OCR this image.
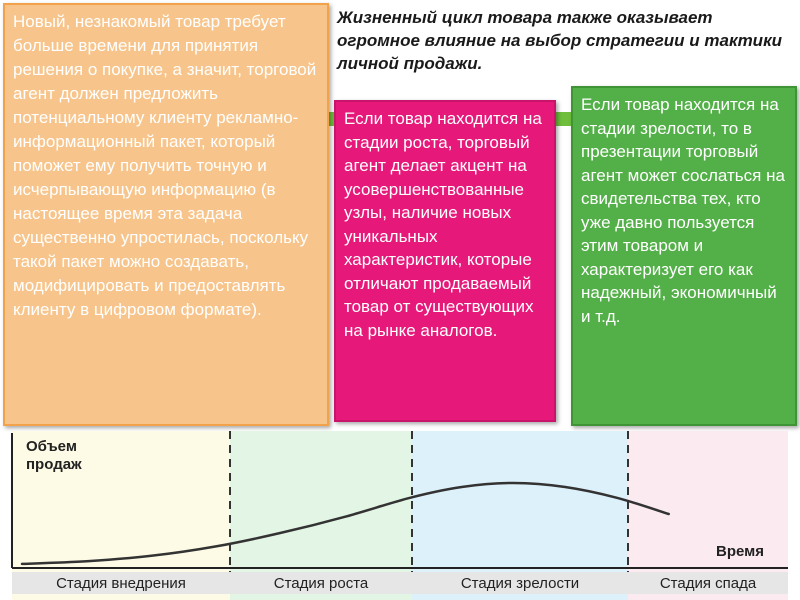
Жизненный цикл товара также оказывает огромное влияние на выбор стратегии и тактики личной продажи.
Новый, незнакомый товар требует больше времени для принятия решения о покупке, а значит, торговой агент должен предложить потенциальному клиенту рекламно-информационный пакет, который поможет ему получить точную и исчерпывающую информацию (в настоящее время эта задача существенно упростилась, поскольку такой пакет можно создавать, модифицировать и предоставлять клиенту в цифровом формате).
Если товар находится на стадии роста, торговый агент делает акцент на усовершенствованные узлы, наличие новых уникальных характеристик, которые отличают продаваемый товар от существующих на рынке аналогов.
Если товар находится на стадии зрелости, то в презентации торговый агент может сослаться на свидетельства тех, кто уже давно пользуется этим товаром и характеризует его как надежный, экономичный и т.д.
Объем
продаж
Время
Стадия внедрения	Стадия роста	Стадия зрелости	Стадия спада
